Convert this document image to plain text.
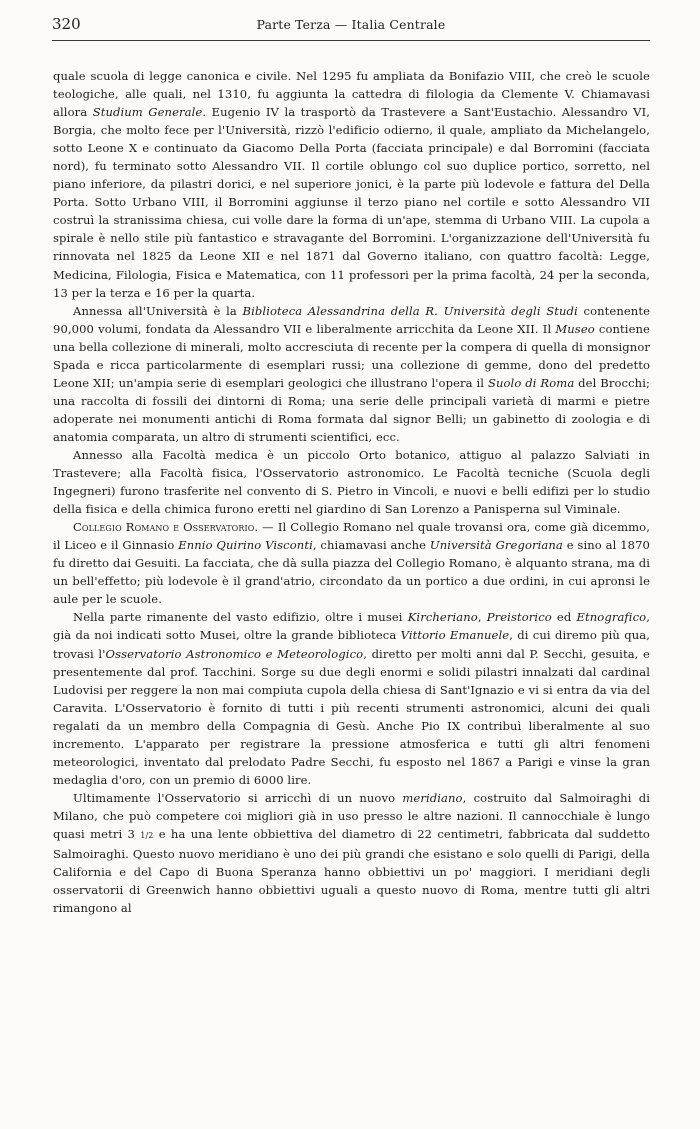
320	Parte Terza — Italia Centrale

quale scuola di legge canonica e civile. Nel 1295 fu ampliata da Bonifazio VIII, che creò le scuole teologiche, alle quali, nel 1310, fu aggiunta la cattedra di filologia da Clemente V. Chiamavasi allora Studium Generale. Eugenio IV la trasportò da Trastevere a Sant'Eustachio. Alessandro VI, Borgia, che molto fece per l'Università, rizzò l'edificio odierno, il quale, ampliato da Michelangelo, sotto Leone X e continuato da Giacomo Della Porta (facciata principale) e dal Borromini (facciata nord), fu terminato sotto Alessandro VII. Il cortile oblungo col suo duplice portico, sorretto, nel piano inferiore, da pilastri dorici, e nel superiore jonici, è la parte più lodevole e fattura del Della Porta. Sotto Urbano VIII, il Borromini aggiunse il terzo piano nel cortile e sotto Alessandro VII costruì la stranissima chiesa, cui volle dare la forma di un'ape, stemma di Urbano VIII. La cupola a spirale è nello stile più fantastico e stravagante del Borromini. L'organizzazione dell'Università fu rinnovata nel 1825 da Leone XII e nel 1871 dal Governo italiano, con quattro facoltà: Legge, Medicina, Filologia, Fisica e Matematica, con 11 professori per la prima facoltà, 24 per la seconda, 13 per la terza e 16 per la quarta.

Annessa all'Università è la Biblioteca Alessandrina della R. Università degli Studi contenente 90,000 volumi, fondata da Alessandro VII e liberalmente arricchita da Leone XII. Il Museo contiene una bella collezione di minerali, molto accresciuta di recente per la compera di quella di monsignor Spada e ricca particolarmente di esemplari russi; una collezione di gemme, dono del predetto Leone XII; un'ampia serie di esemplari geologici che illustrano l'opera il Suolo di Roma del Brocchi; una raccolta di fossili dei dintorni di Roma; una serie delle principali varietà di marmi e pietre adoperate nei monumenti antichi di Roma formata dal signor Belli; un gabinetto di zoologia e di anatomia comparata, un altro di strumenti scientifici, ecc.

Annesso alla Facoltà medica è un piccolo Orto botanico, attiguo al palazzo Salviati in Trastevere; alla Facoltà fisica, l'Osservatorio astronomico. Le Facoltà tecniche (Scuola degli Ingegneri) furono trasferite nel convento di S. Pietro in Vincoli, e nuovi e belli edifizi per lo studio della fisica e della chimica furono eretti nel giardino di San Lorenzo a Panisperna sul Viminale.

Collegio Romano e Osservatorio. — Il Collegio Romano nel quale trovansi ora, come già dicemmo, il Liceo e il Ginnasio Ennio Quirino Visconti, chiamavasi anche Università Gregoriana e sino al 1870 fu diretto dai Gesuiti. La facciata, che dà sulla piazza del Collegio Romano, è alquanto strana, ma di un bell'effetto; più lodevole è il grand'atrio, circondato da un portico a due ordini, in cui apronsi le aule per le scuole.

Nella parte rimanente del vasto edifizio, oltre i musei Kircheriano, Preistorico ed Etnografico, già da noi indicati sotto Musei, oltre la grande biblioteca Vittorio Emanuele, di cui diremo più qua, trovasi l'Osservatorio Astronomico e Meteorologico, diretto per molti anni dal P. Secchi, gesuita, e presentemente dal prof. Tacchini. Sorge su due degli enormi e solidi pilastri innalzati dal cardinal Ludovisi per reggere la non mai compiuta cupola della chiesa di Sant'Ignazio e vi si entra da via del Caravita. L'Osservatorio è fornito di tutti i più recenti strumenti astronomici, alcuni dei quali regalati da un membro della Compagnia di Gesù. Anche Pio IX contribuì liberalmente al suo incremento. L'apparato per registrare la pressione atmosferica e tutti gli altri fenomeni meteorologici, inventato dal prelodato Padre Secchi, fu esposto nel 1867 a Parigi e vinse la gran medaglia d'oro, con un premio di 6000 lire.

Ultimamente l'Osservatorio si arricchì di un nuovo meridiano, costruito dal Salmoiraghi di Milano, che può competere coi migliori già in uso presso le altre nazioni. Il cannocchiale è lungo quasi metri 3 1/2 e ha una lente obbiettiva del diametro di 22 centimetri, fabbricata dal suddetto Salmoiraghi. Questo nuovo meridiano è uno dei più grandi che esistano e solo quelli di Parigi, della California e del Capo di Buona Speranza hanno obbiettivi un po' maggiori. I meridiani degli osservatorii di Greenwich hanno obbiettivi uguali a questo nuovo di Roma, mentre tutti gli altri rimangono al
